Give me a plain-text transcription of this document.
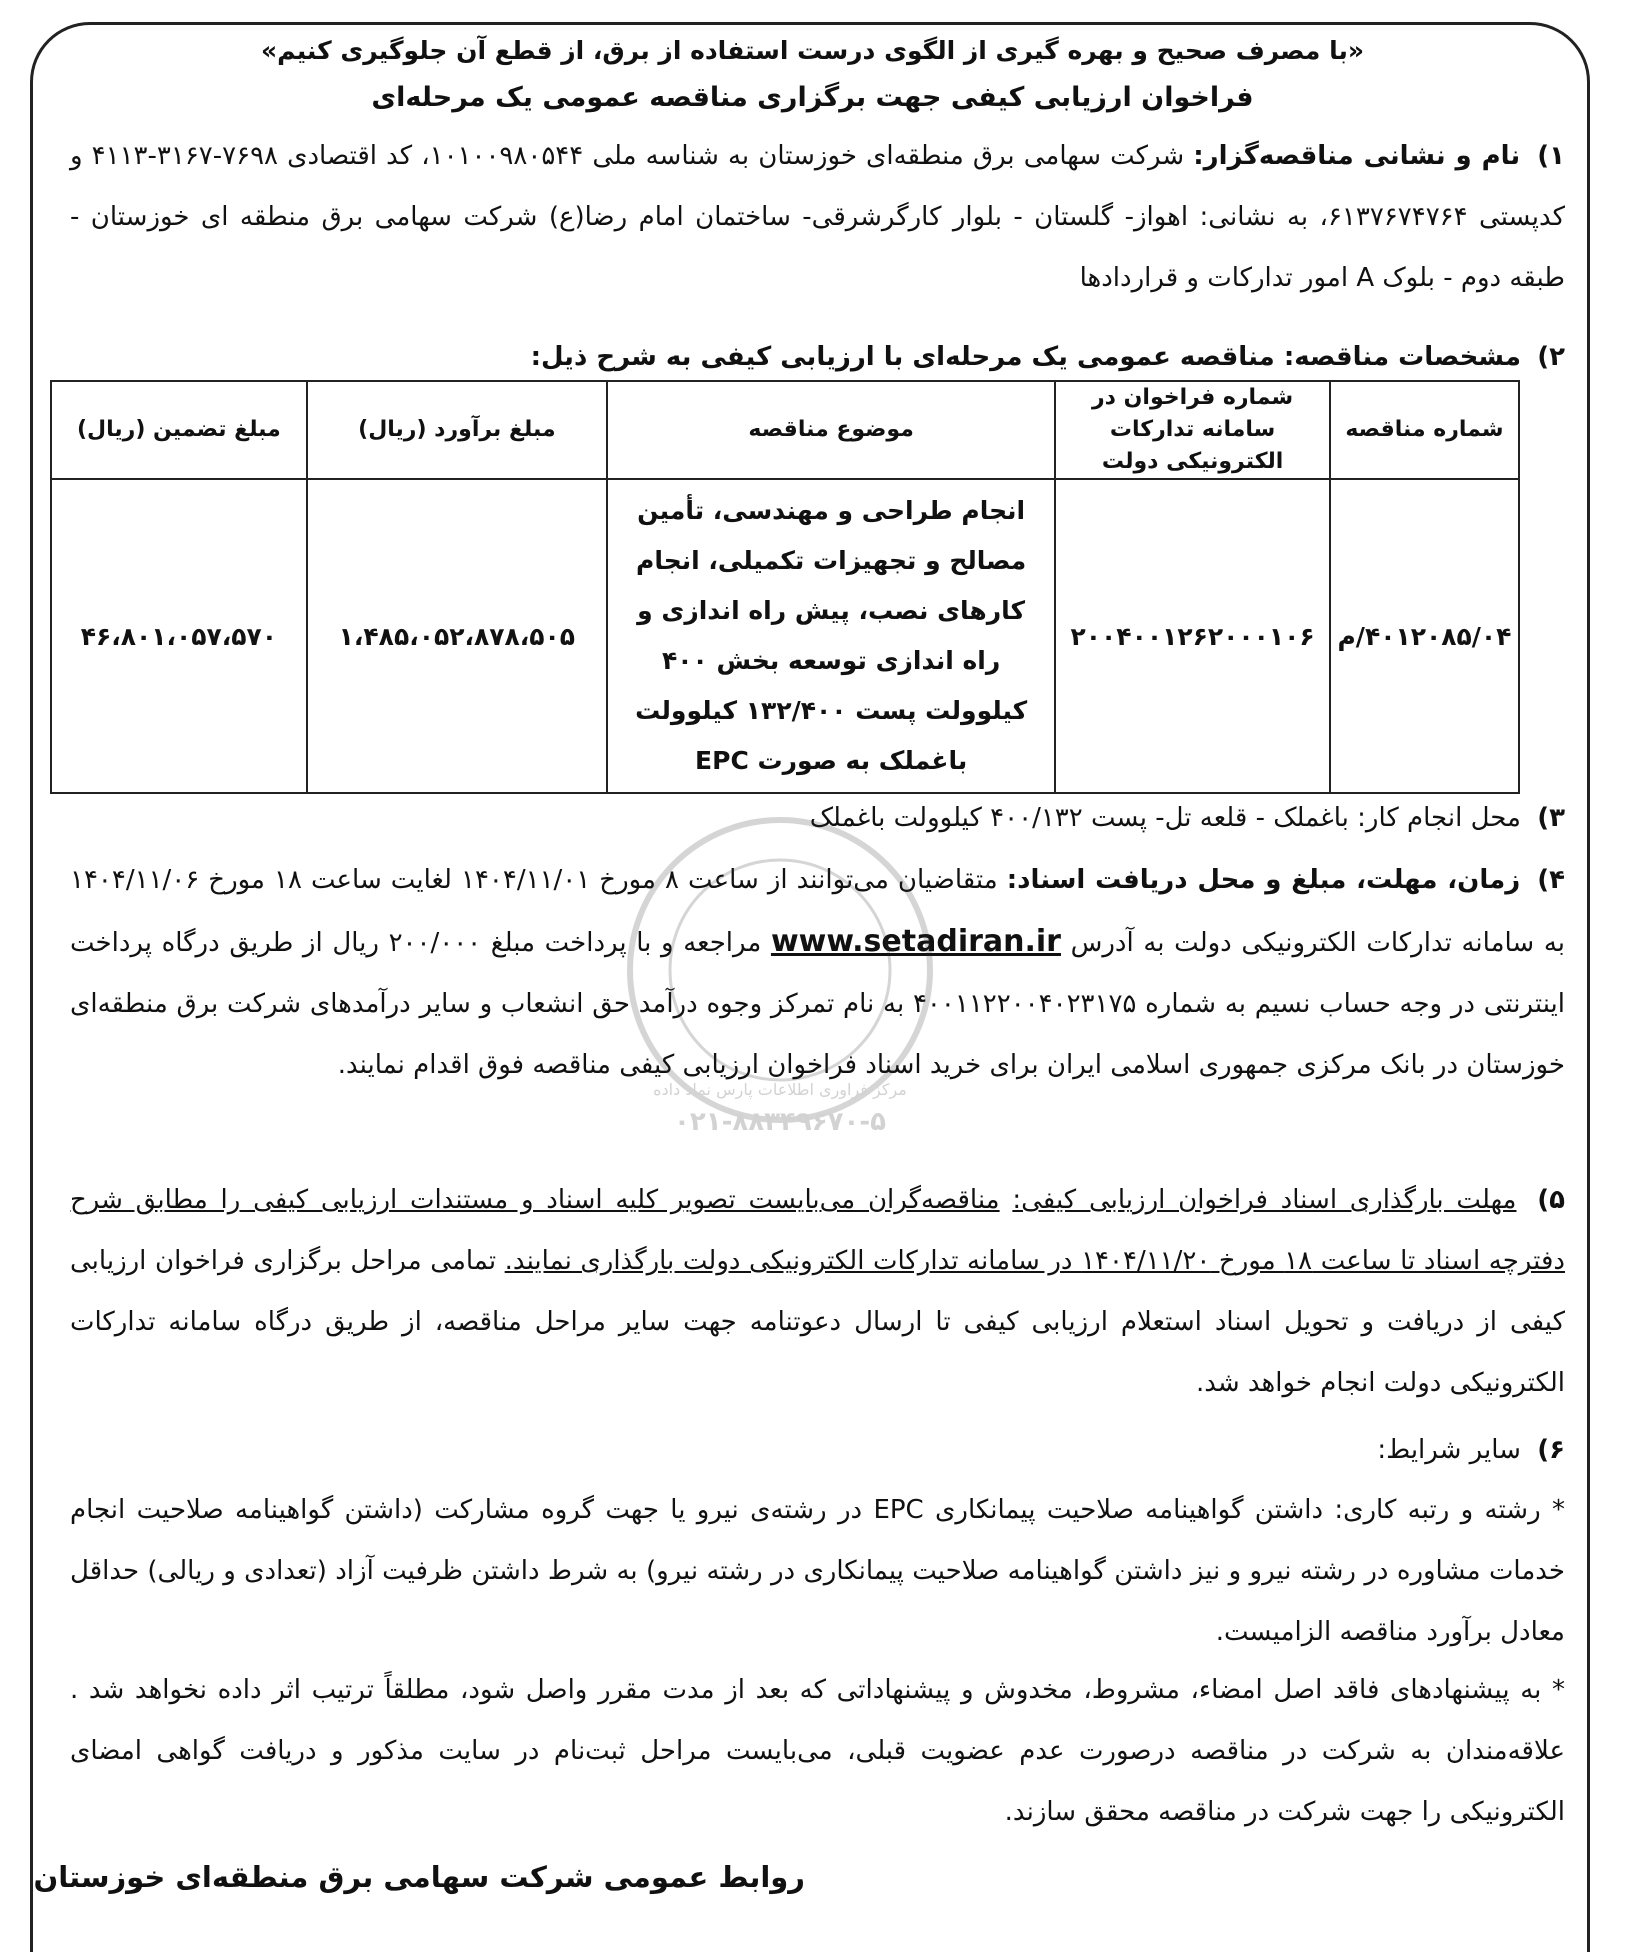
«با مصرف صحیح و بهره گیری از الگوی درست استفاده از برق، از قطع آن جلوگیری کنیم»
فراخوان ارزیابی کیفی جهت برگزاری مناقصه عمومی یک مرحله‌ای
۱) نام و نشانی مناقصه‌گزار: شرکت سهامی برق منطقه‌ای خوزستان به شناسه ملی ۱۰۱۰۰۹۸۰۵۴۴، کد اقتصادی ۷۶۹۸-۳۱۶۷-۴۱۱۳ و کدپستی ۶۱۳۷۶۷۴۷۶۴، به نشانی: اهواز- گلستان - بلوار کارگرشرقی- ساختمان امام رضا(ع) شرکت سهامی برق منطقه ای خوزستان - طبقه دوم - بلوک A امور تدارکات و قراردادها
۲) مشخصات مناقصه: مناقصه عمومی یک مرحله‌ای با ارزیابی کیفی به شرح ذیل:
شماره مناقصه	شماره فراخوان در سامانه تدارکات الکترونیکی دولت	موضوع مناقصه	مبلغ برآورد (ریال)	مبلغ تضمین (ریال)
۴۰۱۲۰۸۵/۰۴/م	۲۰۰۴۰۰۱۲۶۲۰۰۰۱۰۶	انجام طراحی و مهندسی، تأمین مصالح و تجهیزات تکمیلی، انجام کارهای نصب، پیش راه اندازی و راه اندازی توسعه بخش ۴۰۰ کیلوولت پست ۱۳۲/۴۰۰ کیلوولت باغملک به صورت EPC	۱،۴۸۵،۰۵۲،۸۷۸،۵۰۵	۴۶،۸۰۱،۰۵۷،۵۷۰
۳) محل انجام کار: باغملک - قلعه تل- پست ۴۰۰/۱۳۲ کیلوولت باغملک
۴) زمان، مهلت، مبلغ و محل دریافت اسناد: متقاضیان می‌توانند از ساعت ۸ مورخ ۱۴۰۴/۱۱/۰۱ لغایت ساعت ۱۸ مورخ ۱۴۰۴/۱۱/۰۶ به سامانه تدارکات الکترونیکی دولت به آدرس www.setadiran.ir مراجعه و با پرداخت مبلغ ۲۰۰/۰۰۰ ریال از طریق درگاه پرداخت اینترنتی در وجه حساب نسیم به شماره ۴۰۰۱۱۲۲۰۰۴۰۲۳۱۷۵ به نام تمرکز وجوه درآمد حق انشعاب و سایر درآمدهای شرکت برق منطقه‌ای خوزستان در بانک مرکزی جمهوری اسلامی ایران برای خرید اسناد فراخوان ارزیابی کیفی مناقصه فوق اقدام نمایند.
۵) مهلت بارگذاری اسناد فراخوان ارزیابی کیفی: مناقصه‌گران می‌بایست تصویر کلیه اسناد و مستندات ارزیابی کیفی را مطابق شرح دفترچه اسناد تا ساعت ۱۸ مورخ ۱۴۰۴/۱۱/۲۰ در سامانه تدارکات الکترونیکی دولت بارگذاری نمایند. تمامی مراحل برگزاری فراخوان ارزیابی کیفی از دریافت و تحویل اسناد استعلام ارزیابی کیفی تا ارسال دعوتنامه جهت سایر مراحل مناقصه، از طریق درگاه سامانه تدارکات الکترونیکی دولت انجام خواهد شد.
۶) سایر شرایط:
* رشته و رتبه کاری: داشتن گواهینامه صلاحیت پیمانکاری EPC در رشته‌ی نیرو یا جهت گروه مشارکت (داشتن گواهینامه صلاحیت انجام خدمات مشاوره در رشته نیرو و نیز داشتن گواهینامه صلاحیت پیمانکاری در رشته نیرو) به شرط داشتن ظرفیت آزاد (تعدادی و ریالی) حداقل معادل برآورد مناقصه الزامیست.
* به پیشنهادهای فاقد اصل امضاء، مشروط، مخدوش و پیشنهاداتی که بعد از مدت مقرر واصل شود، مطلقاً ترتیب اثر داده نخواهد شد . علاقه‌مندان به شرکت در مناقصه درصورت عدم عضویت قبلی، می‌بایست مراحل ثبت‌نام در سایت مذکور و دریافت گواهی امضای الکترونیکی را جهت شرکت در مناقصه محقق سازند.
روابط عمومی شرکت سهامی برق منطقه‌ای خوزستان
مرکز فراوری اطلاعات پارس نماد داده
۰۲۱-۸۸۳۴۹۶۷۰-۵
